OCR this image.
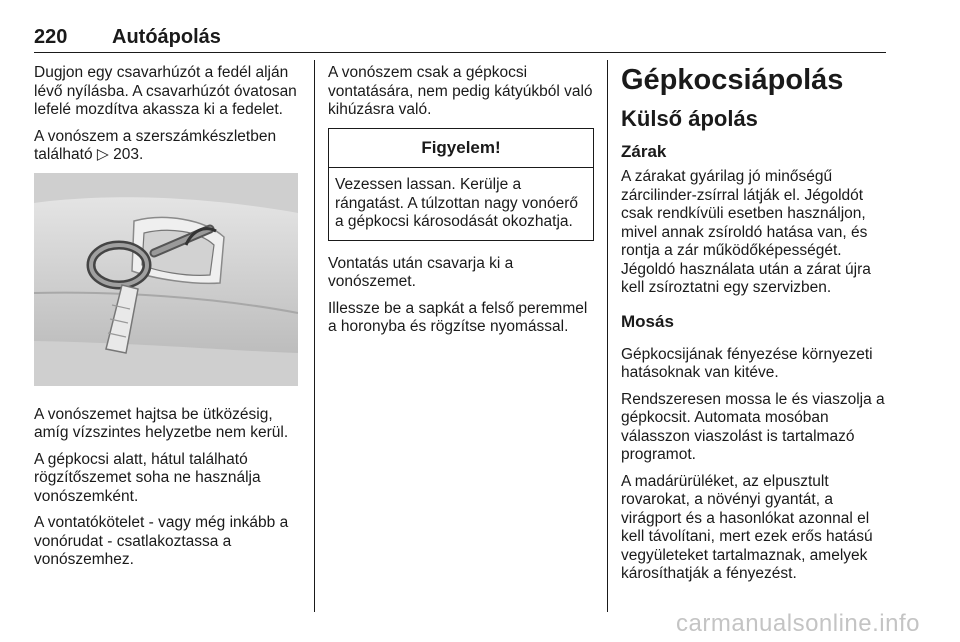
220 Autóápolás

Dugjon egy csavarhúzót a fedél alján lévő nyílásba. A csavarhúzót óvatosan lefelé mozdítva akassza ki a fedelet.

A vonószem a szerszámkészletben található ▷ 203.

A vonószemet hajtsa be ütközésig, amíg vízszintes helyzetbe nem kerül.

A gépkocsi alatt, hátul található rögzítőszemet soha ne használja vonószemként.

A vontatókötelet - vagy még inkább a vonórudat - csatlakoztassa a vonószemhez.

A vonószem csak a gépkocsi vontatására, nem pedig kátyúkból való kihúzásra való.

Figyelem!
Vezessen lassan. Kerülje a rángatást. A túlzottan nagy vonóerő a gépkocsi károsodását okozhatja.

Vontatás után csavarja ki a vonószemet.

Illessze be a sapkát a felső peremmel a horonyba és rögzítse nyomással.

Gépkocsiápolás
Külső ápolás
Zárak

A zárakat gyárilag jó minőségű zárcilinder-zsírral látják el. Jégoldót csak rendkívüli esetben használjon, mivel annak zsíroldó hatása van, és rontja a zár működőképességét. Jégoldó használata után a zárat újra kell zsíroztatni egy szervizben.

Mosás

Gépkocsijának fényezése környezeti hatásoknak van kitéve.

Rendszeresen mossa le és viaszolja a gépkocsit. Automata mosóban válasszon viaszolást is tartalmazó programot.

A madárürüléket, az elpusztult rovarokat, a növényi gyantát, a virágport és a hasonlókat azonnal el kell távolítani, mert ezek erős hatású vegyületeket tartalmaznak, amelyek károsíthatják a fényezést.

carmanualsonline.info
